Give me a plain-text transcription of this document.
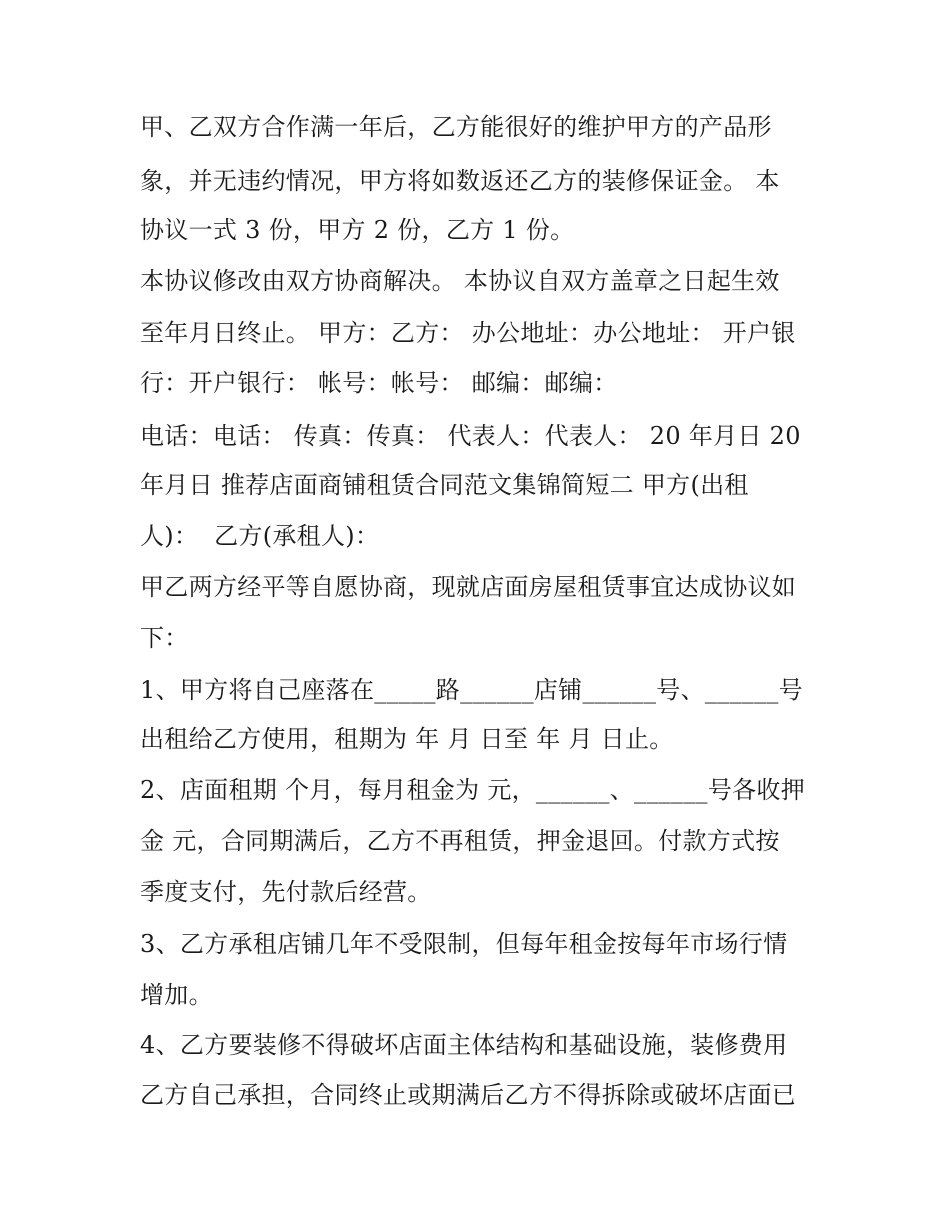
甲、乙双方合作满一年后，乙方能很好的维护甲方的产品形
象，并无违约情况，甲方将如数返还乙方的装修保证金。 本
协议一式 3 份，甲方 2 份，乙方 1 份。
本协议修改由双方协商解决。 本协议自双方盖章之日起生效
至年月日终止。 甲方：乙方： 办公地址：办公地址： 开户银
行：开户银行： 帐号：帐号： 邮编：邮编：
电话：电话： 传真：传真： 代表人：代表人： 20 年月日 20
年月日 推荐店面商铺租赁合同范文集锦简短二 甲方(出租
人)：  乙方(承租人)：
甲乙两方经平等自愿协商，现就店面房屋租赁事宜达成协议如
下：
1、甲方将自己座落在_____路______店铺______号、______号
出租给乙方使用，租期为 年 月 日至 年 月 日止。
2、店面租期 个月，每月租金为 元，______、______号各收押
金 元，合同期满后，乙方不再租赁，押金退回。付款方式按
季度支付，先付款后经营。
3、乙方承租店铺几年不受限制，但每年租金按每年市场行情
增加。
4、乙方要装修不得破坏店面主体结构和基础设施，装修费用
乙方自己承担，合同终止或期满后乙方不得拆除或破坏店面已
